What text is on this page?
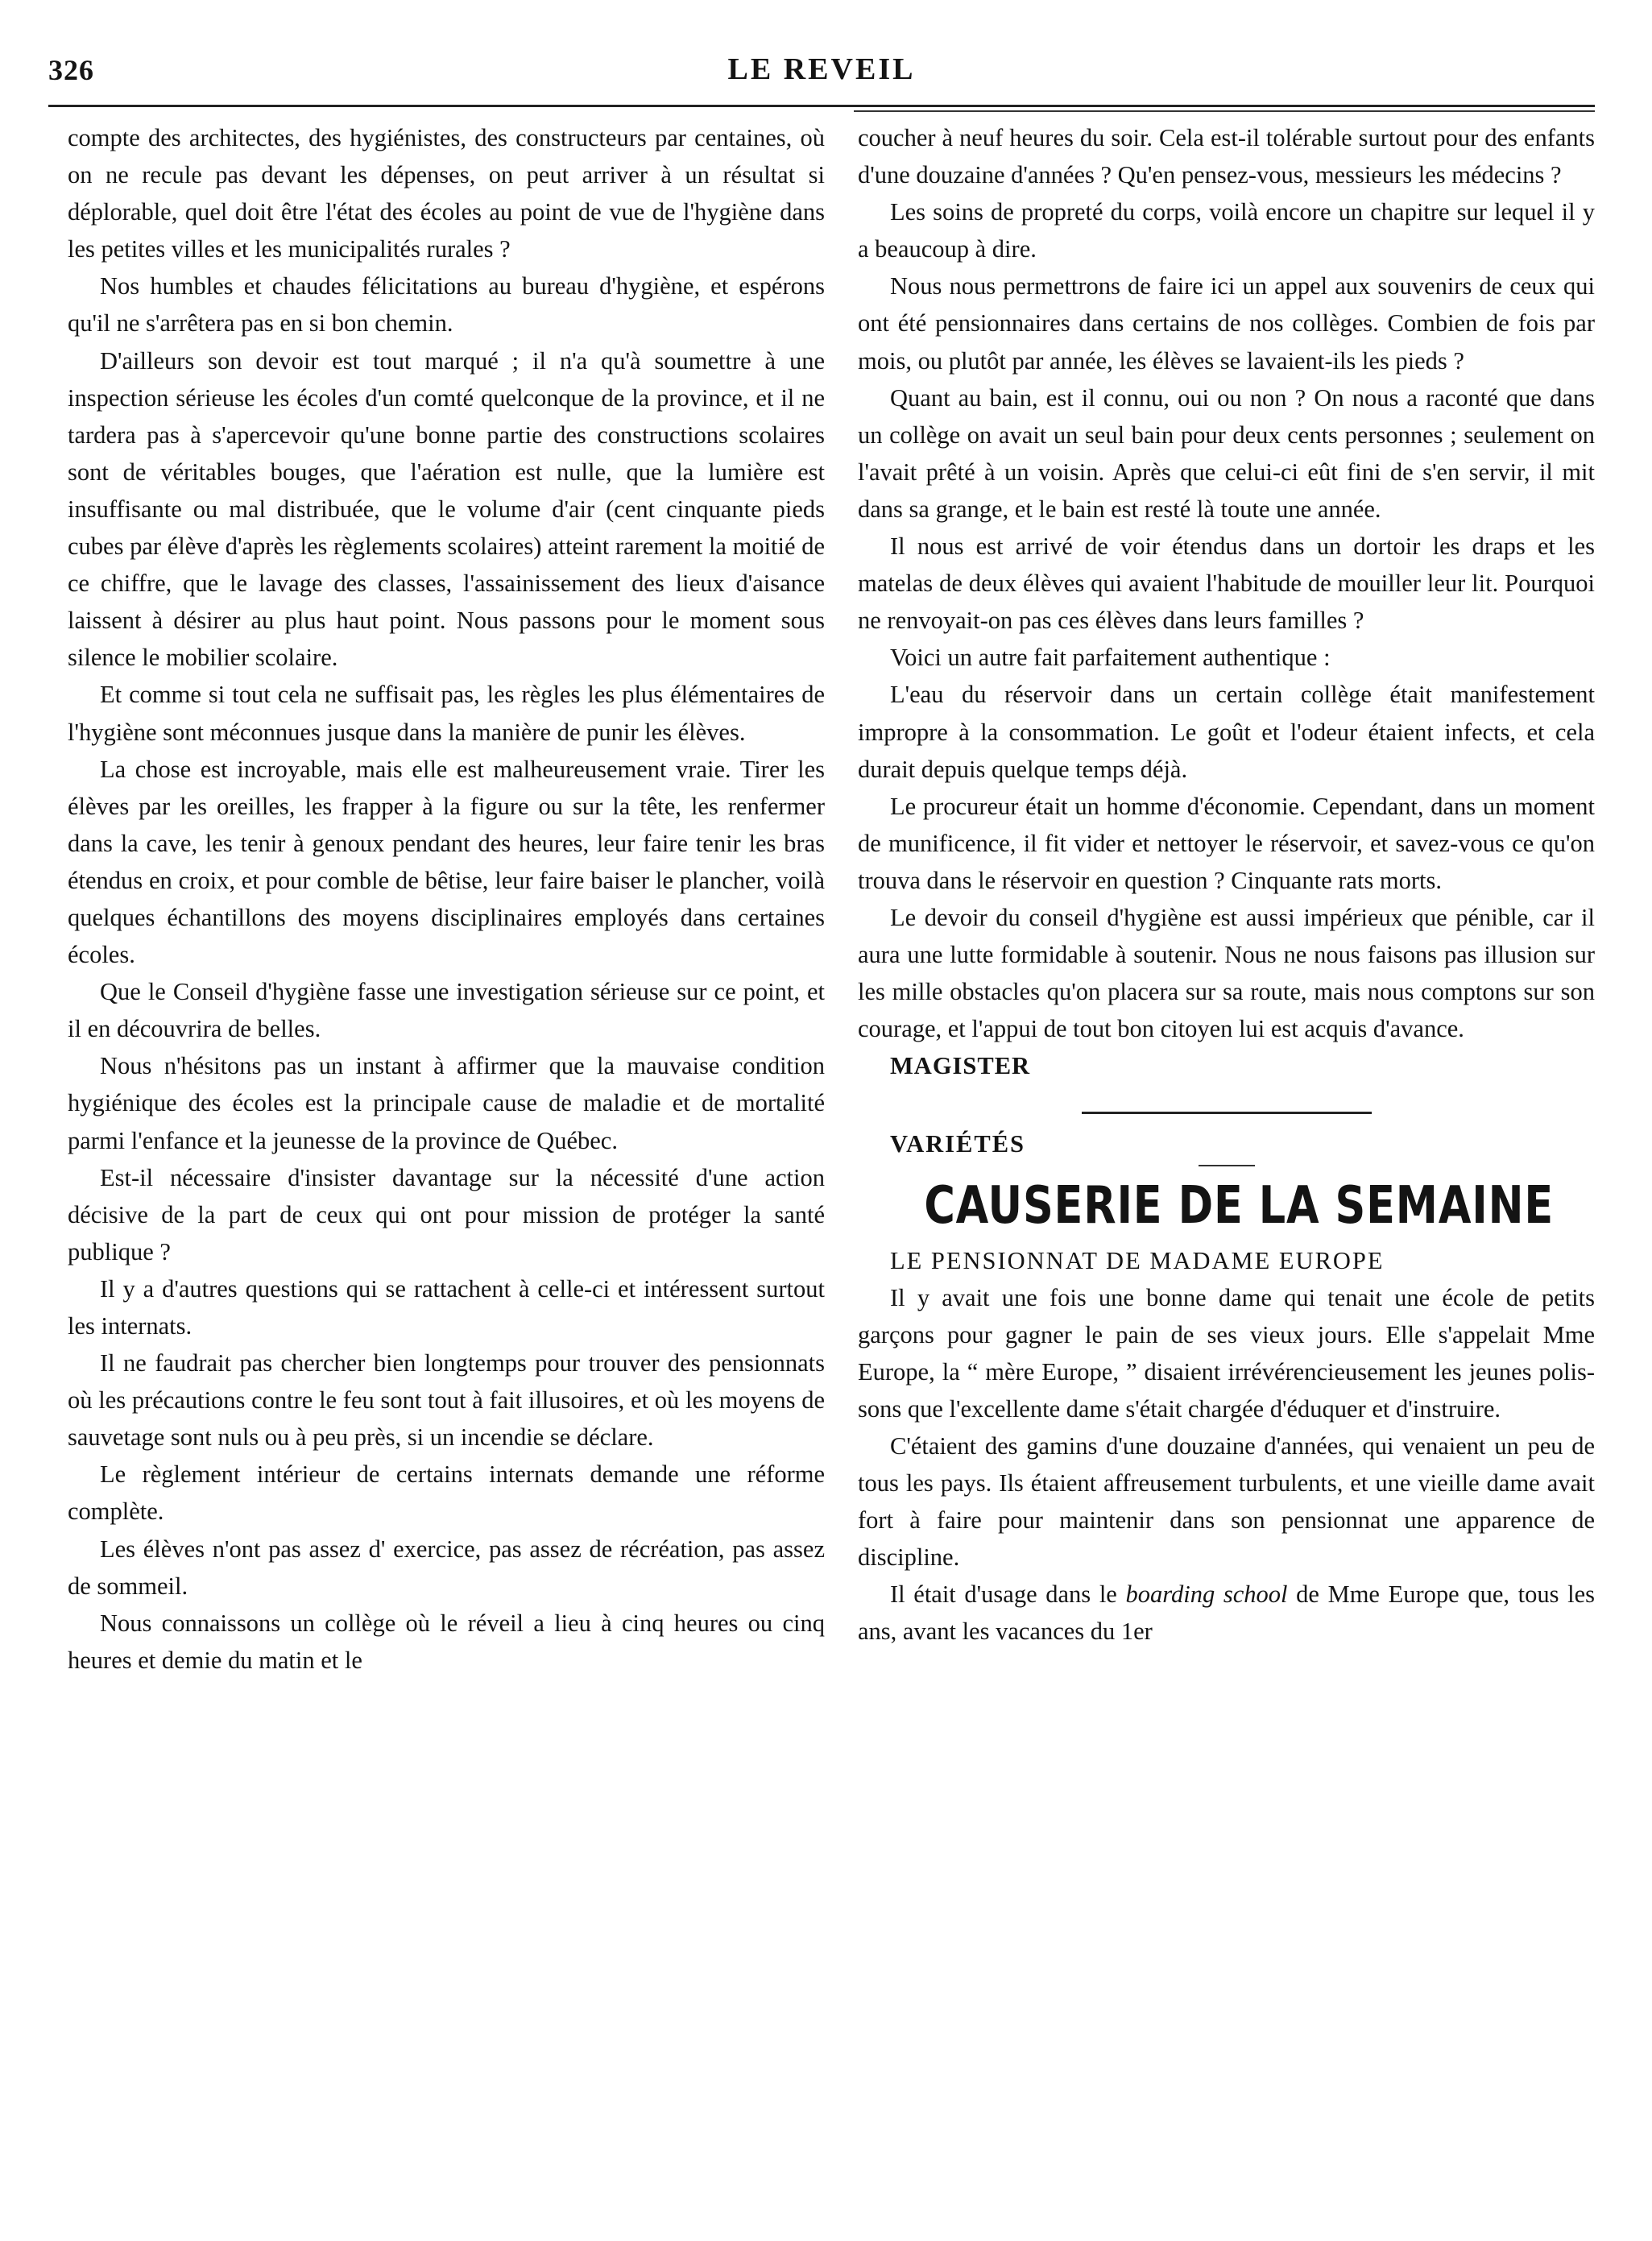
326	LE REVEIL

compte des architectes, des hygiénistes, des constructeurs par centaines, où on ne recule pas devant les dépenses, on peut arriver à un résultat si déplorable, quel doit être l'état des écoles au point de vue de l'hygiène dans les petites villes et les municipalités rurales ?

Nos humbles et chaudes félicitations au bureau d'hygiène, et espérons qu'il ne s'arrêtera pas en si bon chemin.

D'ailleurs son devoir est tout marqué ; il n'a qu'à soumettre à une inspection sérieuse les écoles d'un comté quelconque de la province, et il ne tardera pas à s'apercevoir qu'une bonne partie des constructions scolaires sont de véritables bouges, que l'aération est nulle, que la lumière est insuffisante ou mal distribuée, que le volume d'air (cent cinquante pieds cubes par élève d'après les règlements scolaires) atteint rarement la moitié de ce chiffre, que le lavage des classes, l'assainissement des lieux d'aisance laissent à désirer au plus haut point. Nous passons pour le moment sous silence le mobilier scolaire.

Et comme si tout cela ne suffisait pas, les règles les plus élémentaires de l'hygiène sont méconnues jusque dans la manière de punir les élèves.

La chose est incroyable, mais elle est malheureusement vraie. Tirer les élèves par les oreilles, les frapper à la figure ou sur la tête, les renfermer dans la cave, les tenir à genoux pendant des heures, leur faire tenir les bras étendus en croix, et pour comble de bêtise, leur faire baiser le plancher, voilà quelques échantillons des moyens disciplinaires employés dans certaines écoles.

Que le Conseil d'hygiène fasse une investigation sérieuse sur ce point, et il en découvrira de belles.

Nous n'hésitons pas un instant à affirmer que la mauvaise condition hygiénique des écoles est la principale cause de maladie et de mortalité parmi l'enfance et la jeunesse de la province de Québec.

Est-il nécessaire d'insister davantage sur la nécessité d'une action décisive de la part de ceux qui ont pour mission de protéger la santé publique ?

Il y a d'autres questions qui se rattachent à celle-ci et intéressent surtout les internats.

Il ne faudrait pas chercher bien longtemps pour trouver des pensionnats où les précautions contre le feu sont tout à fait illusoires, et où les moyens de sauvetage sont nuls ou à peu près, si un incendie se déclare.

Le règlement intérieur de certains internats demande une réforme complète.

Les élèves n'ont pas assez d' exercice, pas assez de récréation, pas assez de sommeil.

Nous connaissons un collège où le réveil a lieu à cinq heures ou cinq heures et demie du matin et le

coucher à neuf heures du soir. Cela est-il tolérable surtout pour des enfants d'une douzaine d'années ? Qu'en pensez-vous, messieurs les médecins ?

Les soins de propreté du corps, voilà encore un chapitre sur lequel il y a beaucoup à dire.

Nous nous permettrons de faire ici un appel aux souvenirs de ceux qui ont été pensionnaires dans certains de nos collèges. Combien de fois par mois, ou plutôt par année, les élèves se lavaient-ils les pieds ?

Quant au bain, est il connu, oui ou non ? On nous a raconté que dans un collège on avait un seul bain pour deux cents personnes ; seulement on l'avait prêté à un voisin. Après que celui-ci eût fini de s'en servir, il mit dans sa grange, et le bain est resté là toute une année.

Il nous est arrivé de voir étendus dans un dortoir les draps et les matelas de deux élèves qui avaient l'habitude de mouiller leur lit. Pourquoi ne renvoyait-on pas ces élèves dans leurs familles ?

Voici un autre fait parfaitement authentique :

L'eau du réservoir dans un certain collège était manifestement impropre à la consommation. Le goût et l'odeur étaient infects, et cela durait depuis quelque temps déjà.

Le procureur était un homme d'économie. Cependant, dans un moment de munificence, il fit vider et nettoyer le réservoir, et savez-vous ce qu'on trouva dans le réservoir en question ? Cinquante rats morts.

Le devoir du conseil d'hygiène est aussi impérieux que pénible, car il aura une lutte formidable à soutenir. Nous ne nous faisons pas illusion sur les mille obstacles qu'on placera sur sa route, mais nous comptons sur son courage, et l'appui de tout bon citoyen lui est acquis d'avance.

MAGISTER

VARIÉTÉS

CAUSERIE DE LA SEMAINE

LE PENSIONNAT DE MADAME EUROPE

Il y avait une fois une bonne dame qui tenait une école de petits garçons pour gagner le pain de ses vieux jours. Elle s'appelait Mme Europe, la “ mère Europe, ” disaient irrévérencieusement les jeunes polissons que l'excellente dame s'était chargée d'éduquer et d'instruire.

C'étaient des gamins d'une douzaine d'années, qui venaient un peu de tous les pays. Ils étaient affreusement turbulents, et une vieille dame avait fort à faire pour maintenir dans son pensionnat une apparence de discipline.

Il était d'usage dans le boarding school de Mme Europe que, tous les ans, avant les vacances du 1er
